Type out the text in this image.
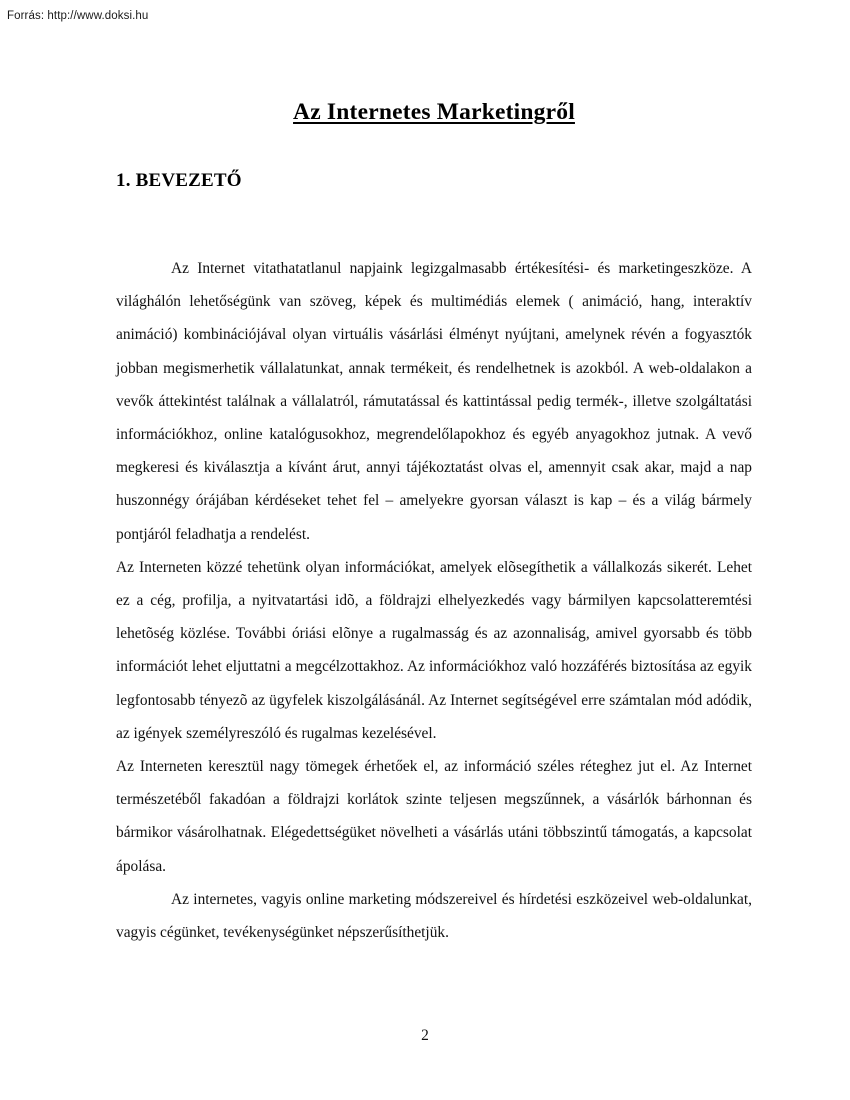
Forrás: http://www.doksi.hu
Az Internetes Marketingről
1. BEVEZETŐ

Az Internet vitathatatlanul napjaink legizgalmasabb értékesítési- és marketingeszköze. A világhálón lehetőségünk van szöveg, képek és multimédiás elemek ( animáció, hang, interaktív animáció) kombinációjával olyan virtuális vásárlási élményt nyújtani, amelynek révén a fogyasztók jobban megismerhetik vállalatunkat, annak termékeit, és rendelhetnek is azokból. A web-oldalakon a vevők áttekintést találnak a vállalatról, rámutatással és kattintással pedig termék-, illetve szolgáltatási információkhoz, online katalógusokhoz, megrendelőlapokhoz és egyéb anyagokhoz jutnak. A vevő megkeresi és kiválasztja a kívánt árut, annyi tájékoztatást olvas el, amennyit csak akar, majd a nap huszonnégy órájában kérdéseket tehet fel – amelyekre gyorsan választ is kap – és a világ bármely pontjáról feladhatja a rendelést.

Az Interneten közzé tehetünk olyan információkat, amelyek elõsegíthetik a vállalkozás sikerét. Lehet ez a cég, profilja, a nyitvatartási idõ, a földrajzi elhelyezkedés vagy bármilyen kapcsolatteremtési lehetõség közlése. További óriási elõnye a rugalmasság és az azonnaliság, amivel gyorsabb és több információt lehet eljuttatni a megcélzottakhoz. Az információkhoz való hozzáférés biztosítása az egyik legfontosabb tényezõ az ügyfelek kiszolgálásánál. Az Internet segítségével erre számtalan mód adódik, az igények személyreszóló és rugalmas kezelésével.

Az Interneten keresztül nagy tömegek érhetőek el, az információ széles réteghez jut el. Az Internet természetéből fakadóan a földrajzi korlátok szinte teljesen megszűnnek, a vásárlók bárhonnan és bármikor vásárolhatnak. Elégedettségüket növelheti a vásárlás utáni többszintű támogatás, a kapcsolat ápolása.

Az internetes, vagyis online marketing módszereivel és hírdetési eszközeivel web-oldalunkat, vagyis cégünket, tevékenységünket népszerűsíthetjük.

2
